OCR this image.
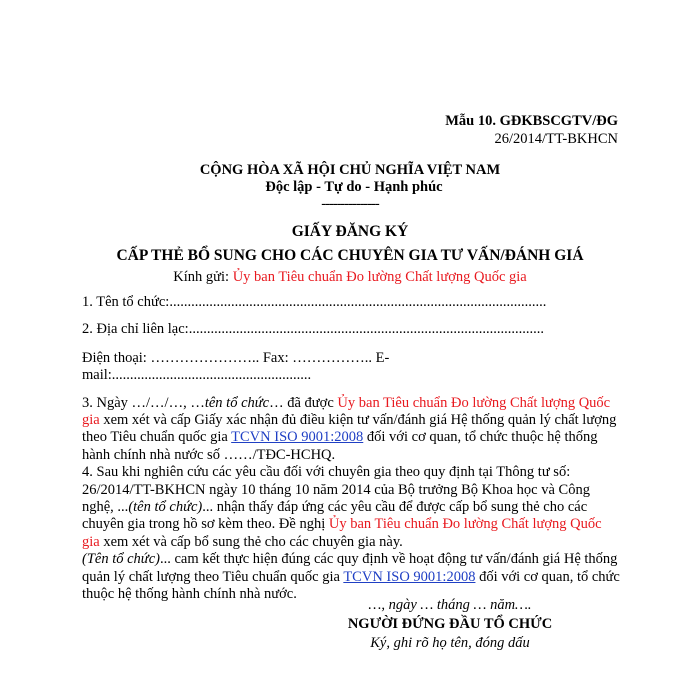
Mẫu 10. GĐKBSCGTV/ĐG
26/2014/TT-BKHCN
CỘNG HÒA XÃ HỘI CHỦ NGHĨA VIỆT NAM
Độc lập - Tự do - Hạnh phúc
---------------
GIẤY ĐĂNG KÝ
CẤP THẺ BỔ SUNG CHO CÁC CHUYÊN GIA TƯ VẤN/ĐÁNH GIÁ
Kính gửi: Ủy ban Tiêu chuẩn Đo lường Chất lượng Quốc gia

1. Tên tổ chức:........................................................................................................

2. Địa chỉ liên lạc:..................................................................................................

Điện thoại: ………………….. Fax: …………….. E-

mail:.......................................................

3. Ngày …/…/…, …tên tổ chức… đã được Ủy ban Tiêu chuẩn Đo lường Chất lượng Quốc gia xem xét và cấp Giấy xác nhận đủ điều kiện tư vấn/đánh giá Hệ thống quản lý chất lượng theo Tiêu chuẩn quốc gia TCVN ISO 9001:2008 đối với cơ quan, tổ chức thuộc hệ thống hành chính nhà nước số ……/TĐC-HCHQ.

4. Sau khi nghiên cứu các yêu cầu đối với chuyên gia theo quy định tại Thông tư số: 26/2014/TT-BKHCN ngày 10 tháng 10 năm 2014 của Bộ trưởng Bộ Khoa học và Công nghệ, ...(tên tổ chức)... nhận thấy đáp ứng các yêu cầu để được cấp bổ sung thẻ cho các chuyên gia trong hồ sơ kèm theo. Đề nghị Ủy ban Tiêu chuẩn Đo lường Chất lượng Quốc gia xem xét và cấp bổ sung thẻ cho các chuyên gia này.

(Tên tổ chức)... cam kết thực hiện đúng các quy định về hoạt động tư vấn/đánh giá Hệ thống quản lý chất lượng theo Tiêu chuẩn quốc gia TCVN ISO 9001:2008 đối với cơ quan, tổ chức thuộc hệ thống hành chính nhà nước.

…, ngày … tháng … năm….
NGƯỜI ĐỨNG ĐẦU TỔ CHỨC
Ký, ghi rõ họ tên, đóng dấu
